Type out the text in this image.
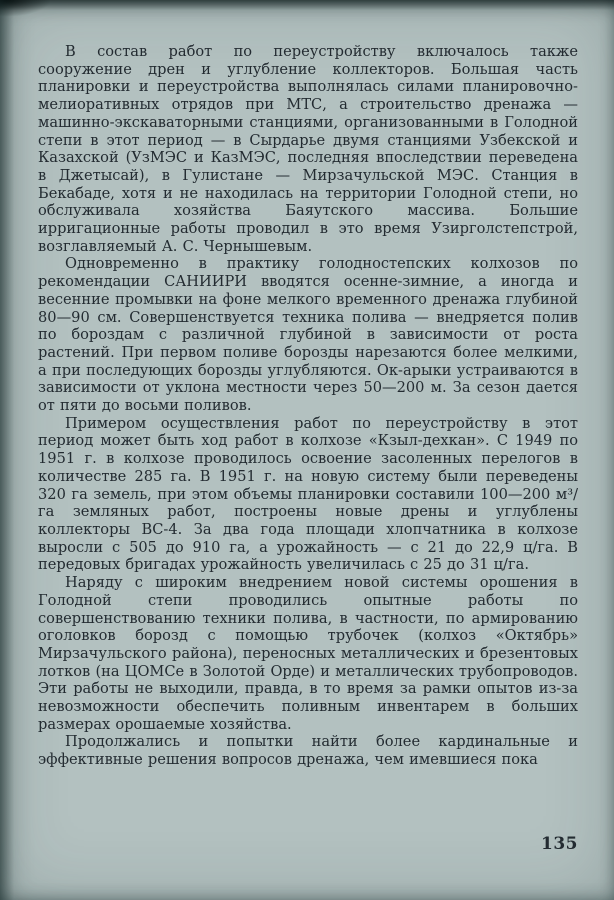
В состав работ по переустройству включалось также сооружение дрен и углубление коллекторов. Большая часть планировки и переустройства выполнялась силами планировочно-мелиоративных отрядов при МТС, а строительство дренажа — машинно-экскаваторными станциями, организованными в Голодной степи в этот период — в Сырдарье двумя станциями Узбекской и Казахской (УзМЭС и КазМЭС, последняя впоследствии переведена в Джетысай), в Гулистане — Мирзачульской МЭС. Станция в Бекабаде, хотя и не находилась на территории Голодной степи, но обслуживала хозяйства Баяутского массива. Большие ирригационные работы проводил в это время Узирголстепстрой, возглавляемый А. С. Чернышевым.

Одновременно в практику голодностепских колхозов по рекомендации САНИИРИ вводятся осенне-зимние, а иногда и весенние промывки на фоне мелкого временного дренажа глубиной 80—90 см. Совершенствуется техника полива — внедряется полив по бороздам с различной глубиной в зависимости от роста растений. При первом поливе борозды нарезаются более мелкими, а при последующих борозды углубляются. Ок-арыки устраиваются в зависимости от уклона местности через 50—200 м. За сезон дается от пяти до восьми поливов.

Примером осуществления работ по переустройству в этот период может быть ход работ в колхозе «Кзыл-дехкан». С 1949 по 1951 г. в колхозе проводилось освоение засоленных перелогов в количестве 285 га. В 1951 г. на новую систему были переведены 320 га земель, при этом объемы планировки составили 100—200 м³/га земляных работ, построены новые дрены и углублены коллекторы ВС-4. За два года площади хлопчатника в колхозе выросли с 505 до 910 га, а урожайность — с 21 до 22,9 ц/га. В передовых бригадах урожайность увеличилась с 25 до 31 ц/га.

Наряду с широким внедрением новой системы орошения в Голодной степи проводились опытные работы по совершенствованию техники полива, в частности, по армированию оголовков борозд с помощью трубочек (колхоз «Октябрь» Мирзачульского района), переносных металлических и брезентовых лотков (на ЦОМСе в Золотой Орде) и металлических трубопроводов. Эти работы не выходили, правда, в то время за рамки опытов из-за невозможности обеспечить поливным инвентарем в больших размерах орошаемые хозяйства.

Продолжались и попытки найти более кардинальные и эффективные решения вопросов дренажа, чем имевшиеся пока

135
